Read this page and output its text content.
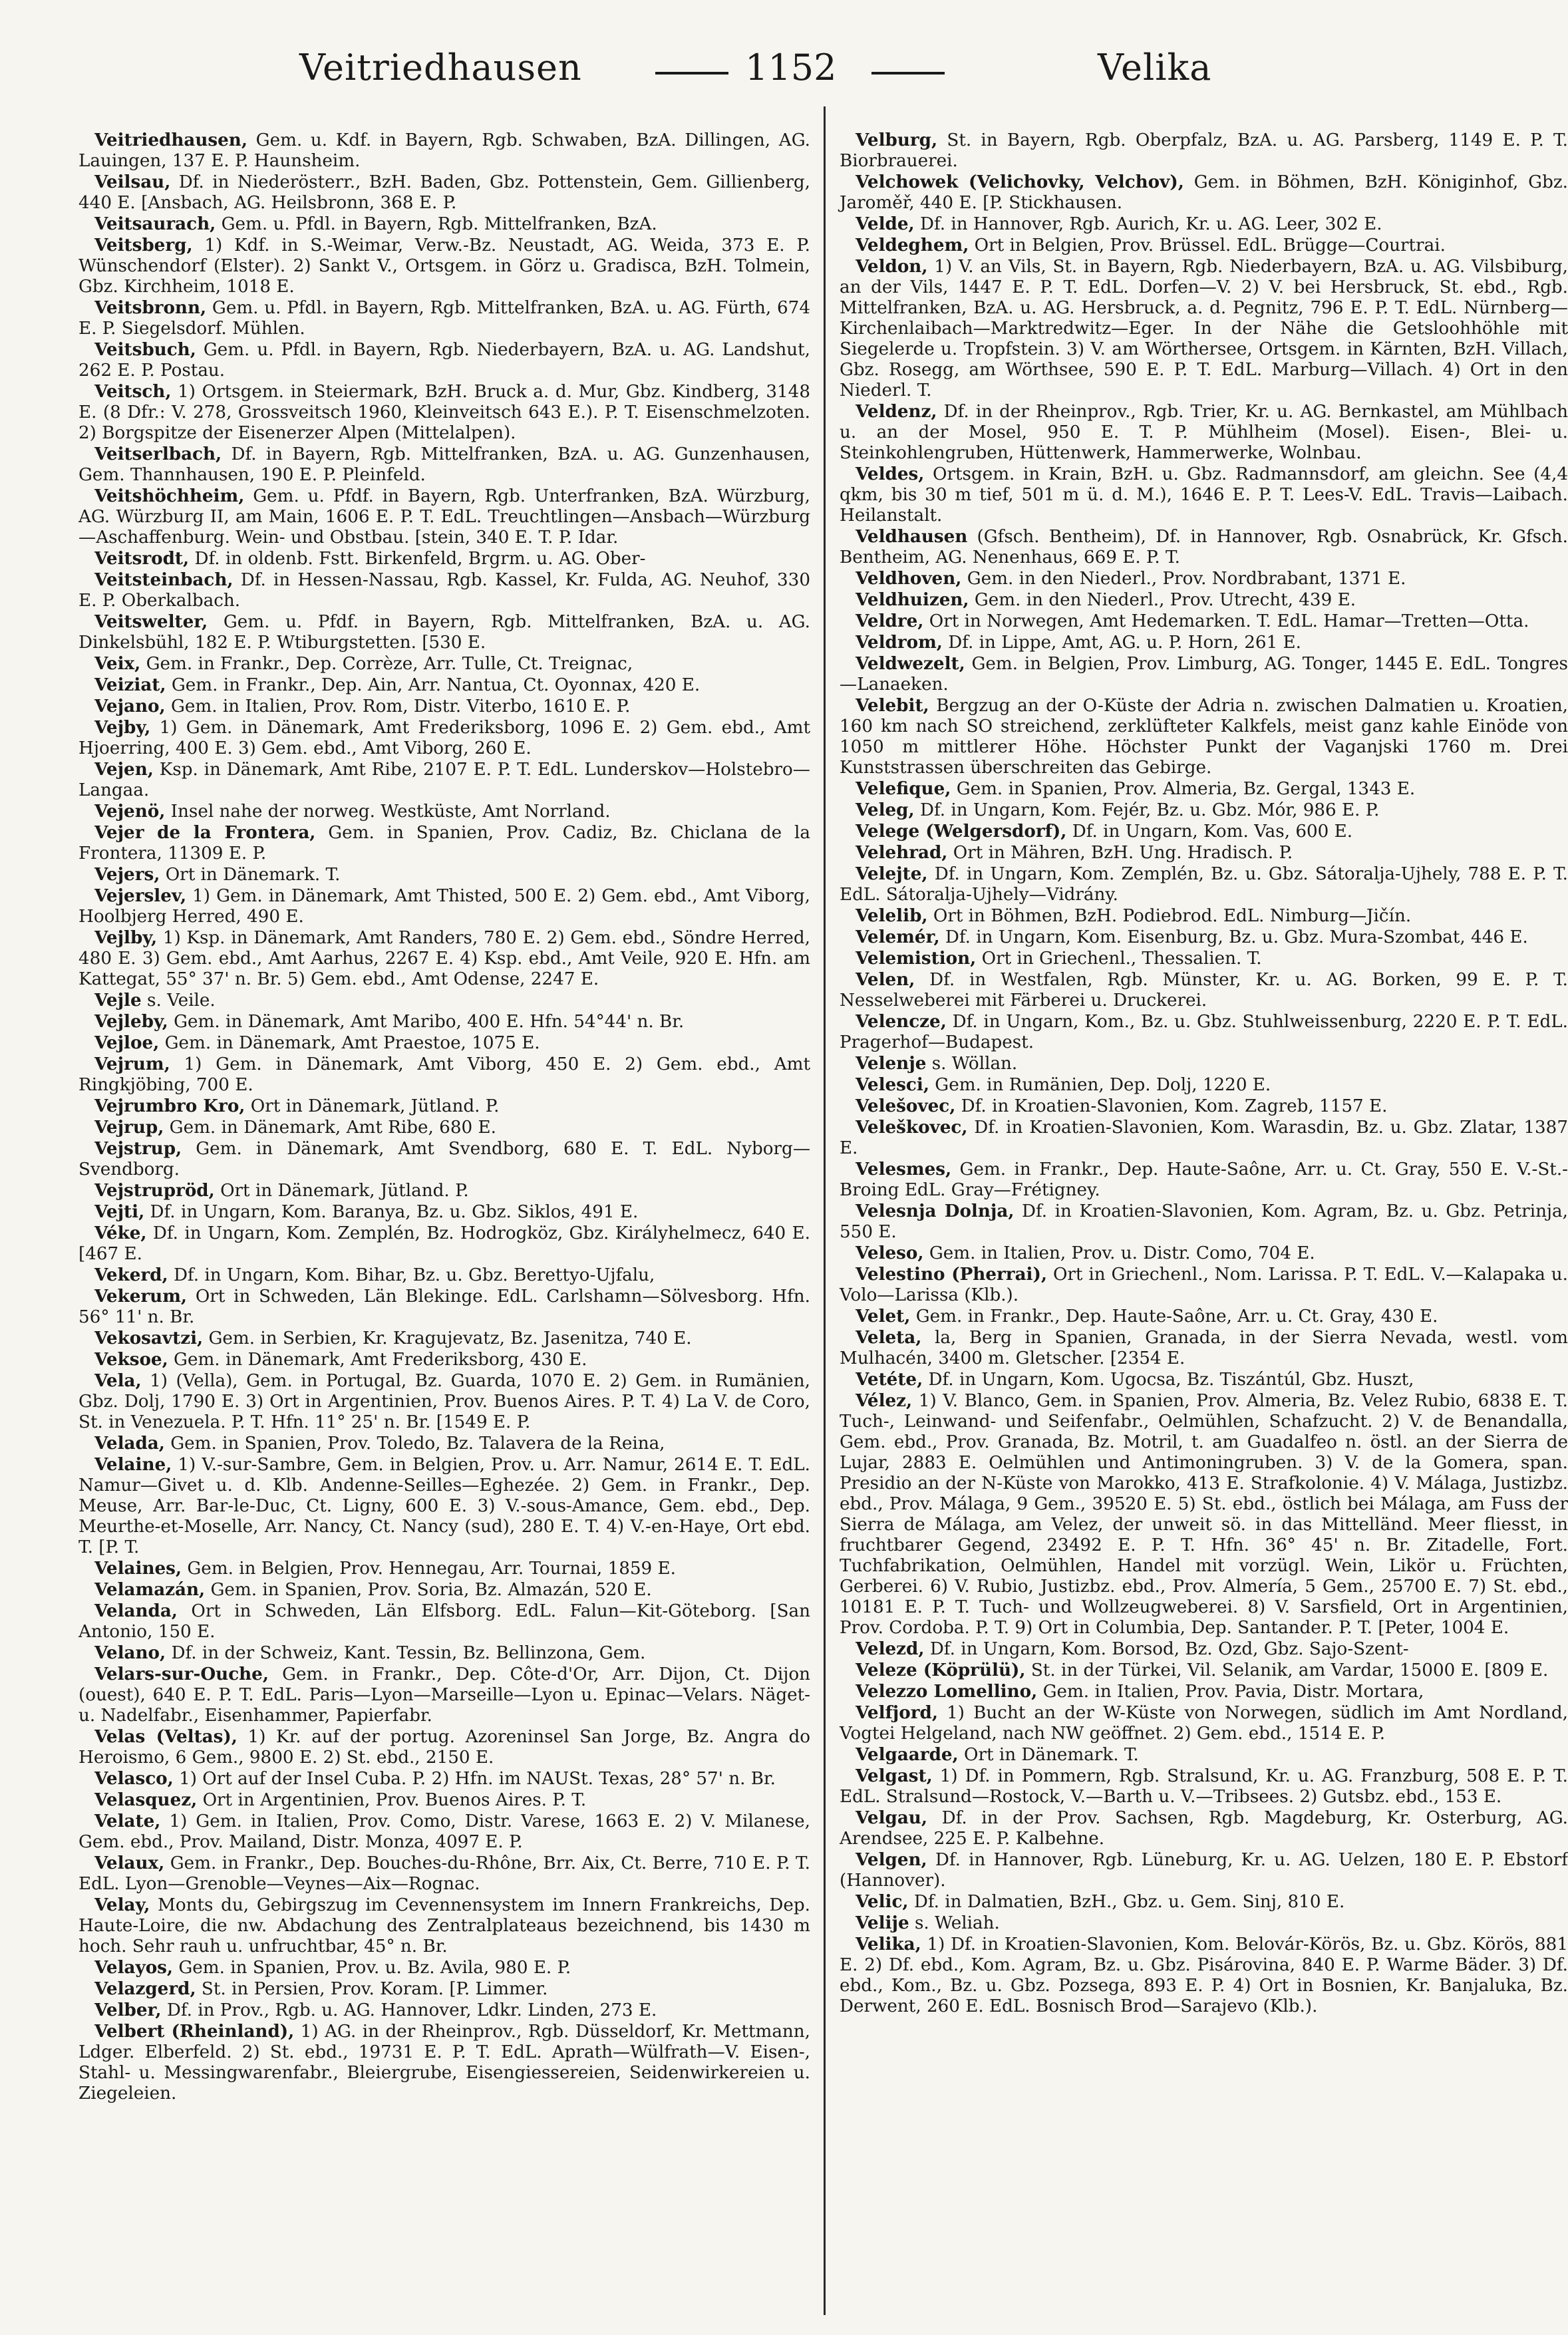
Veitriedhausen	1152	Velika

Veitriedhausen, Gem. u. Kdf. in Bayern, Rgb. Schwaben, BzA. Dillingen, AG. Lauingen, 137 E. P. Haunsheim.

Veilsau, Df. in Niederösterr., BzH. Baden, Gbz. Pottenstein, Gem. Gillienberg, 440 E. [Ansbach, AG. Heilsbronn, 368 E. P.

Veitsaurach, Gem. u. Pfdl. in Bayern, Rgb. Mittelfranken, BzA.

Veitsberg, 1) Kdf. in S.-Weimar, Verw.-Bz. Neustadt, AG. Weida, 373 E. P. Wünschendorf (Elster). 2) Sankt V., Ortsgem. in Görz u. Gradisca, BzH. Tolmein, Gbz. Kirchheim, 1018 E.

Veitsbronn, Gem. u. Pfdl. in Bayern, Rgb. Mittelfranken, BzA. u. AG. Fürth, 674 E. P. Siegelsdorf. Mühlen.

Veitsbuch, Gem. u. Pfdl. in Bayern, Rgb. Niederbayern, BzA. u. AG. Landshut, 262 E. P. Postau.

Veitsch, 1) Ortsgem. in Steiermark, BzH. Bruck a. d. Mur, Gbz. Kindberg, 3148 E. (8 Dfr.: V. 278, Grossveitsch 1960, Kleinveitsch 643 E.). P. T. Eisenschmelzoten. 2) Borgspitze der Eisenerzer Alpen (Mittelalpen).

Veitserlbach, Df. in Bayern, Rgb. Mittelfranken, BzA. u. AG. Gunzenhausen, Gem. Thannhausen, 190 E. P. Pleinfeld.

Veitshöchheim, Gem. u. Pfdf. in Bayern, Rgb. Unterfranken, BzA. Würzburg, AG. Würzburg II, am Main, 1606 E. P. T. EdL. Treuchtlingen—Ansbach—Würzburg—Aschaffenburg. Wein- und Obstbau. [stein, 340 E. T. P. Idar.

Veitsrodt, Df. in oldenb. Fstt. Birkenfeld, Brgrm. u. AG. Ober-

Veitsteinbach, Df. in Hessen-Nassau, Rgb. Kassel, Kr. Fulda, AG. Neuhof, 330 E. P. Oberkalbach.

Veitswelter, Gem. u. Pfdf. in Bayern, Rgb. Mittelfranken, BzA. u. AG. Dinkelsbühl, 182 E. P. Wtiburgstetten. [530 E.

Veix, Gem. in Frankr., Dep. Corrèze, Arr. Tulle, Ct. Treignac,

Veiziat, Gem. in Frankr., Dep. Ain, Arr. Nantua, Ct. Oyonnax, 420 E.

Vejano, Gem. in Italien, Prov. Rom, Distr. Viterbo, 1610 E. P.

Vejby, 1) Gem. in Dänemark, Amt Frederiksborg, 1096 E. 2) Gem. ebd., Amt Hjoerring, 400 E. 3) Gem. ebd., Amt Viborg, 260 E.

Vejen, Ksp. in Dänemark, Amt Ribe, 2107 E. P. T. EdL. Lunderskov—Holstebro—Langaa.

Vejenö, Insel nahe der norweg. Westküste, Amt Norrland.

Vejer de la Frontera, Gem. in Spanien, Prov. Cadiz, Bz. Chiclana de la Frontera, 11309 E. P.

Vejers, Ort in Dänemark. T.

Vejerslev, 1) Gem. in Dänemark, Amt Thisted, 500 E. 2) Gem. ebd., Amt Viborg, Hoolbjerg Herred, 490 E.

Vejlby, 1) Ksp. in Dänemark, Amt Randers, 780 E. 2) Gem. ebd., Söndre Herred, 480 E. 3) Gem. ebd., Amt Aarhus, 2267 E. 4) Ksp. ebd., Amt Veile, 920 E. Hfn. am Kattegat, 55° 37' n. Br. 5) Gem. ebd., Amt Odense, 2247 E.

Vejle s. Veile.

Vejleby, Gem. in Dänemark, Amt Maribo, 400 E. Hfn. 54°44' n. Br.

Vejloe, Gem. in Dänemark, Amt Praestoe, 1075 E.

Vejrum, 1) Gem. in Dänemark, Amt Viborg, 450 E. 2) Gem. ebd., Amt Ringkjöbing, 700 E.

Vejrumbro Kro, Ort in Dänemark, Jütland. P.

Vejrup, Gem. in Dänemark, Amt Ribe, 680 E.

Vejstrup, Gem. in Dänemark, Amt Svendborg, 680 E. T. EdL. Nyborg—Svendborg.

Vejstrupröd, Ort in Dänemark, Jütland. P.

Vejti, Df. in Ungarn, Kom. Baranya, Bz. u. Gbz. Siklos, 491 E.

Véke, Df. in Ungarn, Kom. Zemplén, Bz. Hodrogköz, Gbz. Királyhelmecz, 640 E. [467 E.

Vekerd, Df. in Ungarn, Kom. Bihar, Bz. u. Gbz. Berettyo-Ujfalu,

Vekerum, Ort in Schweden, Län Blekinge. EdL. Carlshamn—Sölvesborg. Hfn. 56° 11' n. Br.

Vekosavtzi, Gem. in Serbien, Kr. Kragujevatz, Bz. Jasenitza, 740 E.

Veksoe, Gem. in Dänemark, Amt Frederiksborg, 430 E.

Vela, 1) (Vella), Gem. in Portugal, Bz. Guarda, 1070 E. 2) Gem. in Rumänien, Gbz. Dolj, 1790 E. 3) Ort in Argentinien, Prov. Buenos Aires. P. T. 4) La V. de Coro, St. in Venezuela. P. T. Hfn. 11° 25' n. Br. [1549 E. P.

Velada, Gem. in Spanien, Prov. Toledo, Bz. Talavera de la Reina,

Velaine, 1) V.-sur-Sambre, Gem. in Belgien, Prov. u. Arr. Namur, 2614 E. T. EdL. Namur—Givet u. d. Klb. Andenne-Seilles—Eghezée. 2) Gem. in Frankr., Dep. Meuse, Arr. Bar-le-Duc, Ct. Ligny, 600 E. 3) V.-sous-Amance, Gem. ebd., Dep. Meurthe-et-Moselle, Arr. Nancy, Ct. Nancy (sud), 280 E. T. 4) V.-en-Haye, Ort ebd. T. [P. T.

Velaines, Gem. in Belgien, Prov. Hennegau, Arr. Tournai, 1859 E.

Velamazán, Gem. in Spanien, Prov. Soria, Bz. Almazán, 520 E.

Velanda, Ort in Schweden, Län Elfsborg. EdL. Falun—Kit-Göteborg. [San Antonio, 150 E.

Velano, Df. in der Schweiz, Kant. Tessin, Bz. Bellinzona, Gem.

Velars-sur-Ouche, Gem. in Frankr., Dep. Côte-d'Or, Arr. Dijon, Ct. Dijon (ouest), 640 E. P. T. EdL. Paris—Lyon—Marseille—Lyon u. Epinac—Velars. Näget- u. Nadelfabr., Eisenhammer, Papierfabr.

Velas (Veltas), 1) Kr. auf der portug. Azoreninsel San Jorge, Bz. Angra do Heroismo, 6 Gem., 9800 E. 2) St. ebd., 2150 E.

Velasco, 1) Ort auf der Insel Cuba. P. 2) Hfn. im NAUSt. Texas, 28° 57' n. Br.

Velasquez, Ort in Argentinien, Prov. Buenos Aires. P. T.

Velate, 1) Gem. in Italien, Prov. Como, Distr. Varese, 1663 E. 2) V. Milanese, Gem. ebd., Prov. Mailand, Distr. Monza, 4097 E. P.

Velaux, Gem. in Frankr., Dep. Bouches-du-Rhône, Brr. Aix, Ct. Berre, 710 E. P. T. EdL. Lyon—Grenoble—Veynes—Aix—Rognac.

Velay, Monts du, Gebirgszug im Cevennensystem im Innern Frankreichs, Dep. Haute-Loire, die nw. Abdachung des Zentralplateaus bezeichnend, bis 1430 m hoch. Sehr rauh u. unfruchtbar, 45° n. Br.

Velayos, Gem. in Spanien, Prov. u. Bz. Avila, 980 E. P.

Velazgerd, St. in Persien, Prov. Koram. [P. Limmer.

Velber, Df. in Prov., Rgb. u. AG. Hannover, Ldkr. Linden, 273 E.

Velbert (Rheinland), 1) AG. in der Rheinprov., Rgb. Düsseldorf, Kr. Mettmann, Ldger. Elberfeld. 2) St. ebd., 19731 E. P. T. EdL. Aprath—Wülfrath—V. Eisen-, Stahl- u. Messingwarenfabr., Bleiergrube, Eisengiessereien, Seidenwirkereien u. Ziegeleien.

Velburg, St. in Bayern, Rgb. Oberpfalz, BzA. u. AG. Parsberg, 1149 E. P. T. Biorbrauerei.

Velchowek (Velichovky, Velchov), Gem. in Böhmen, BzH. Königinhof, Gbz. Jaroměř, 440 E. [P. Stickhausen.

Velde, Df. in Hannover, Rgb. Aurich, Kr. u. AG. Leer, 302 E.

Veldeghem, Ort in Belgien, Prov. Brüssel. EdL. Brügge—Courtrai.

Veldon, 1) V. an Vils, St. in Bayern, Rgb. Niederbayern, BzA. u. AG. Vilsbiburg, an der Vils, 1447 E. P. T. EdL. Dorfen—V. 2) V. bei Hersbruck, St. ebd., Rgb. Mittelfranken, BzA. u. AG. Hersbruck, a. d. Pegnitz, 796 E. P. T. EdL. Nürnberg—Kirchenlaibach—Marktredwitz—Eger. In der Nähe die Getsloohhöhle mit Siegelerde u. Tropfstein. 3) V. am Wörthersee, Ortsgem. in Kärnten, BzH. Villach, Gbz. Rosegg, am Wörthsee, 590 E. P. T. EdL. Marburg—Villach. 4) Ort in den Niederl. T.

Veldenz, Df. in der Rheinprov., Rgb. Trier, Kr. u. AG. Bernkastel, am Mühlbach u. an der Mosel, 950 E. T. P. Mühlheim (Mosel). Eisen-, Blei- u. Steinkohlengruben, Hüttenwerk, Hammerwerke, Wolnbau.

Veldes, Ortsgem. in Krain, BzH. u. Gbz. Radmannsdorf, am gleichn. See (4,4 qkm, bis 30 m tief, 501 m ü. d. M.), 1646 E. P. T. Lees-V. EdL. Travis—Laibach. Heilanstalt.

Veldhausen (Gfsch. Bentheim), Df. in Hannover, Rgb. Osnabrück, Kr. Gfsch. Bentheim, AG. Nenenhaus, 669 E. P. T.

Veldhoven, Gem. in den Niederl., Prov. Nordbrabant, 1371 E.

Veldhuizen, Gem. in den Niederl., Prov. Utrecht, 439 E.

Veldre, Ort in Norwegen, Amt Hedemarken. T. EdL. Hamar—Tretten—Otta.

Veldrom, Df. in Lippe, Amt, AG. u. P. Horn, 261 E.

Veldwezelt, Gem. in Belgien, Prov. Limburg, AG. Tonger, 1445 E. EdL. Tongres—Lanaeken.

Velebit, Bergzug an der O-Küste der Adria n. zwischen Dalmatien u. Kroatien, 160 km nach SO streichend, zerklüfteter Kalkfels, meist ganz kahle Einöde von 1050 m mittlerer Höhe. Höchster Punkt der Vaganjski 1760 m. Drei Kunststrassen überschreiten das Gebirge.

Velefique, Gem. in Spanien, Prov. Almeria, Bz. Gergal, 1343 E.

Veleg, Df. in Ungarn, Kom. Fejér, Bz. u. Gbz. Mór, 986 E. P.

Velege (Welgersdorf), Df. in Ungarn, Kom. Vas, 600 E.

Velehrad, Ort in Mähren, BzH. Ung. Hradisch. P.

Velejte, Df. in Ungarn, Kom. Zemplén, Bz. u. Gbz. Sátoralja-Ujhely, 788 E. P. T. EdL. Sátoralja-Ujhely—Vidrány.

Velelib, Ort in Böhmen, BzH. Podiebrod. EdL. Nimburg—Jičín.

Velemér, Df. in Ungarn, Kom. Eisenburg, Bz. u. Gbz. Mura-Szombat, 446 E.

Velemistion, Ort in Griechenl., Thessalien. T.

Velen, Df. in Westfalen, Rgb. Münster, Kr. u. AG. Borken, 99 E. P. T. Nesselweberei mit Färberei u. Druckerei.

Velencze, Df. in Ungarn, Kom., Bz. u. Gbz. Stuhlweissenburg, 2220 E. P. T. EdL. Pragerhof—Budapest.

Velenje s. Wöllan.

Velesci, Gem. in Rumänien, Dep. Dolj, 1220 E.

Velešovec, Df. in Kroatien-Slavonien, Kom. Zagreb, 1157 E.

Veleškovec, Df. in Kroatien-Slavonien, Kom. Warasdin, Bz. u. Gbz. Zlatar, 1387 E.

Velesmes, Gem. in Frankr., Dep. Haute-Saône, Arr. u. Ct. Gray, 550 E. V.-St.-Broing EdL. Gray—Frétigney.

Velesnja Dolnja, Df. in Kroatien-Slavonien, Kom. Agram, Bz. u. Gbz. Petrinja, 550 E.

Veleso, Gem. in Italien, Prov. u. Distr. Como, 704 E.

Velestino (Pherrai), Ort in Griechenl., Nom. Larissa. P. T. EdL. V.—Kalapaka u. Volo—Larissa (Klb.).

Velet, Gem. in Frankr., Dep. Haute-Saône, Arr. u. Ct. Gray, 430 E.

Veleta, la, Berg in Spanien, Granada, in der Sierra Nevada, westl. vom Mulhacén, 3400 m. Gletscher. [2354 E.

Vetéte, Df. in Ungarn, Kom. Ugocsa, Bz. Tiszántúl, Gbz. Huszt,

Vélez, 1) V. Blanco, Gem. in Spanien, Prov. Almeria, Bz. Velez Rubio, 6838 E. T. Tuch-, Leinwand- und Seifenfabr., Oelmühlen, Schafzucht. 2) V. de Benandalla, Gem. ebd., Prov. Granada, Bz. Motril, t. am Guadalfeo n. östl. an der Sierra de Lujar, 2883 E. Oelmühlen und Antimoningruben. 3) V. de la Gomera, span. Presidio an der N-Küste von Marokko, 413 E. Strafkolonie. 4) V. Málaga, Justizbz. ebd., Prov. Málaga, 9 Gem., 39520 E. 5) St. ebd., östlich bei Málaga, am Fuss der Sierra de Málaga, am Velez, der unweit sö. in das Mittelländ. Meer fliesst, in fruchtbarer Gegend, 23492 E. P. T. Hfn. 36° 45' n. Br. Zitadelle, Fort. Tuchfabrikation, Oelmühlen, Handel mit vorzügl. Wein, Likör u. Früchten, Gerberei. 6) V. Rubio, Justizbz. ebd., Prov. Almería, 5 Gem., 25700 E. 7) St. ebd., 10181 E. P. T. Tuch- und Wollzeugweberei. 8) V. Sarsfield, Ort in Argentinien, Prov. Cordoba. P. T. 9) Ort in Columbia, Dep. Santander. P. T. [Peter, 1004 E.

Velezd, Df. in Ungarn, Kom. Borsod, Bz. Ozd, Gbz. Sajo-Szent-

Veleze (Köprülü), St. in der Türkei, Vil. Selanik, am Vardar, 15000 E. [809 E.

Velezzo Lomellino, Gem. in Italien, Prov. Pavia, Distr. Mortara,

Velfjord, 1) Bucht an der W-Küste von Norwegen, südlich im Amt Nordland, Vogtei Helgeland, nach NW geöffnet. 2) Gem. ebd., 1514 E. P.

Velgaarde, Ort in Dänemark. T.

Velgast, 1) Df. in Pommern, Rgb. Stralsund, Kr. u. AG. Franzburg, 508 E. P. T. EdL. Stralsund—Rostock, V.—Barth u. V.—Tribsees. 2) Gutsbz. ebd., 153 E.

Velgau, Df. in der Prov. Sachsen, Rgb. Magdeburg, Kr. Osterburg, AG. Arendsee, 225 E. P. Kalbehne.

Velgen, Df. in Hannover, Rgb. Lüneburg, Kr. u. AG. Uelzen, 180 E. P. Ebstorf (Hannover).

Velic, Df. in Dalmatien, BzH., Gbz. u. Gem. Sinj, 810 E.

Velije s. Weliah.

Velika, 1) Df. in Kroatien-Slavonien, Kom. Belovár-Körös, Bz. u. Gbz. Körös, 881 E. 2) Df. ebd., Kom. Agram, Bz. u. Gbz. Pisárovina, 840 E. P. Warme Bäder. 3) Df. ebd., Kom., Bz. u. Gbz. Pozsega, 893 E. P. 4) Ort in Bosnien, Kr. Banjaluka, Bz. Derwent, 260 E. EdL. Bosnisch Brod—Sarajevo (Klb.).
